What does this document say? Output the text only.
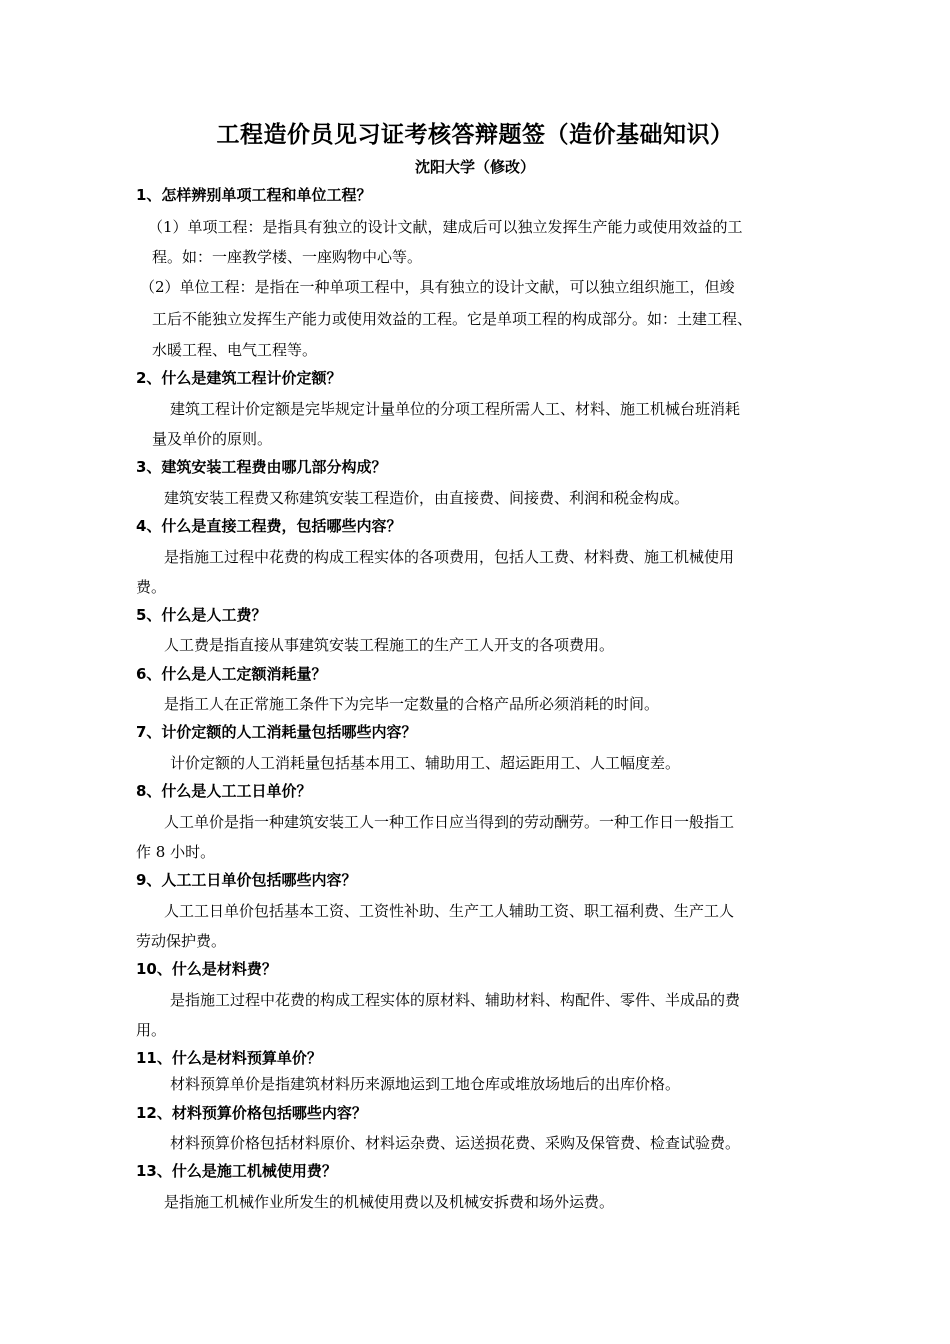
工程造价员见习证考核答辩题签（造价基础知识）
沈阳大学（修改）
1、怎样辨别单项工程和单位工程？
（1）单项工程：是指具有独立的设计文献，建成后可以独立发挥生产能力或使用效益的工
程。如：一座教学楼、一座购物中心等。
（2）单位工程：是指在一种单项工程中，具有独立的设计文献，可以独立组织施工，但竣
工后不能独立发挥生产能力或使用效益的工程。它是单项工程的构成部分。如：土建工程、
水暖工程、电气工程等。
2、什么是建筑工程计价定额？
建筑工程计价定额是完毕规定计量单位的分项工程所需人工、材料、施工机械台班消耗
量及单价的原则。
3、建筑安装工程费由哪几部分构成？
建筑安装工程费又称建筑安装工程造价，由直接费、间接费、利润和税金构成。
4、什么是直接工程费，包括哪些内容？
是指施工过程中花费的构成工程实体的各项费用，包括人工费、材料费、施工机械使用
费。
5、什么是人工费？
人工费是指直接从事建筑安装工程施工的生产工人开支的各项费用。
6、什么是人工定额消耗量？
是指工人在正常施工条件下为完毕一定数量的合格产品所必须消耗的时间。
7、计价定额的人工消耗量包括哪些内容？
计价定额的人工消耗量包括基本用工、辅助用工、超运距用工、人工幅度差。
8、什么是人工工日单价？
人工单价是指一种建筑安装工人一种工作日应当得到的劳动酬劳。一种工作日一般指工
作 8 小时。
9、人工工日单价包括哪些内容？
人工工日单价包括基本工资、工资性补助、生产工人辅助工资、职工福利费、生产工人
劳动保护费。
10、什么是材料费？
是指施工过程中花费的构成工程实体的原材料、辅助材料、构配件、零件、半成品的费
用。
11、什么是材料预算单价？
材料预算单价是指建筑材料历来源地运到工地仓库或堆放场地后的出库价格。
12、材料预算价格包括哪些内容？
材料预算价格包括材料原价、材料运杂费、运送损花费、采购及保管费、检查试验费。
13、什么是施工机械使用费？
是指施工机械作业所发生的机械使用费以及机械安拆费和场外运费。
